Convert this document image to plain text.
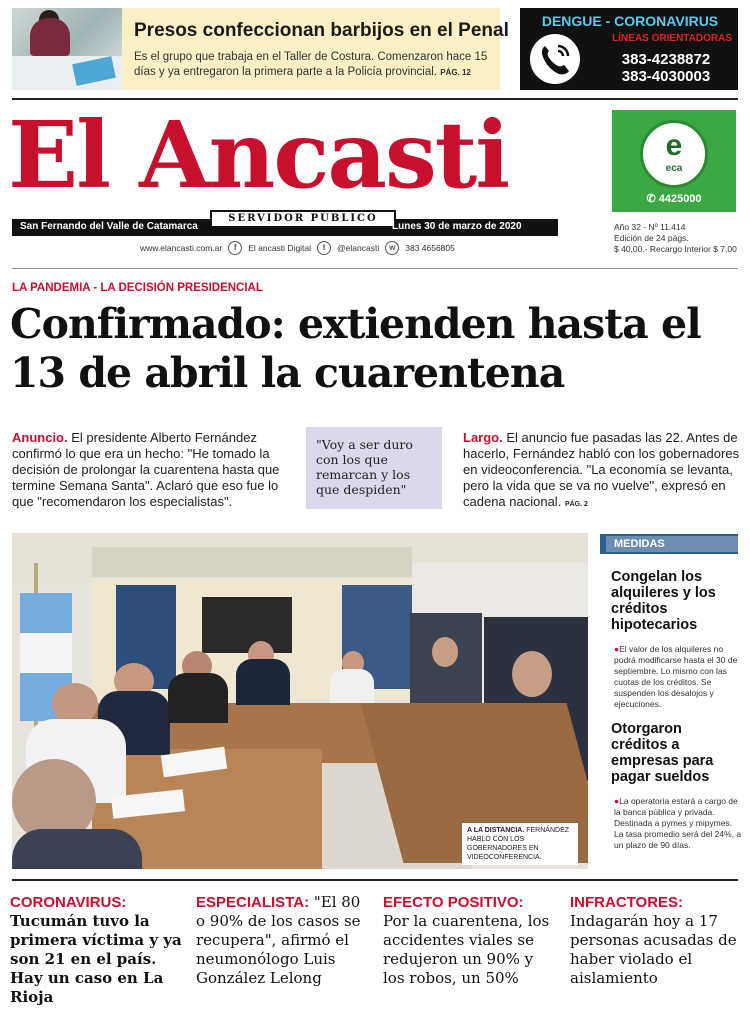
Presos confeccionan barbijos en el Penal
Es el grupo que trabaja en el Taller de Costura. Comenzaron hace 15 días y ya entregaron la primera parte a la Policía provincial. PÁG. 12
DENGUE - CORONAVIRUS
LÍNEAS ORIENTADORAS
383-4238872
383-4030003
El Ancasti
San Fernando del Valle de Catamarca
SERVIDOR PÚBLICO
Lunes 30 de marzo de 2020
www.elancasti.com.ar	f	El ancasti Digital	t	@elancasti	w	383 4656805
e
eca
✆ 4425000
Año 32 - Nº 11.414
Edición de 24 págs.
$ 40,00.- Recargo Interior $ 7,00
LA PANDEMIA - LA DECISIÓN PRESIDENCIAL
Confirmado: extienden hasta el 13 de abril la cuarentena
Anuncio. El presidente Alberto Fernández confirmó lo que era un hecho: "He tomado la decisión de prolongar la cuarentena hasta que termine Semana Santa". Aclaró que eso fue lo que "recomendaron los especialistas".
"Voy a ser duro con los que remarcan y los que despiden"
Largo. El anuncio fue pasadas las 22. Antes de hacerlo, Fernández habló con los gobernadores en videoconferencia. "La economía se levanta, pero la vida que se va no vuelve", expresó en cadena nacional. PÁG. 2
A LA DISTANCIA. FERNÁNDEZ HABLÓ CON LOS GOBERNADORES EN VIDEOCONFERENCIA.
MEDIDAS
Congelan los alquileres y los créditos hipotecarios
●El valor de los alquileres no podrá modificarse hasta el 30 de septiembre. Lo mismo con las cuotas de los créditos. Se suspenden los desalojos y ejecuciones.
Otorgaron créditos a empresas para pagar sueldos
●La operatoria estará a cargo de la banca pública y privada. Destinada a pymes y mipymes. La tasa promedio será del 24%, a un plazo de 90 días.
CORONAVIRUS:
Tucumán tuvo la primera víctima y ya son 21 en el país. Hay un caso en La Rioja
ESPECIALISTA: "El 80 o 90% de los casos se recupera", afirmó el neumonólogo Luis González Lelong
EFECTO POSITIVO:
Por la cuarentena, los accidentes viales se redujeron un 90% y los robos, un 50%
INFRACTORES:
Indagarán hoy a 17 personas acusadas de haber violado el aislamiento
